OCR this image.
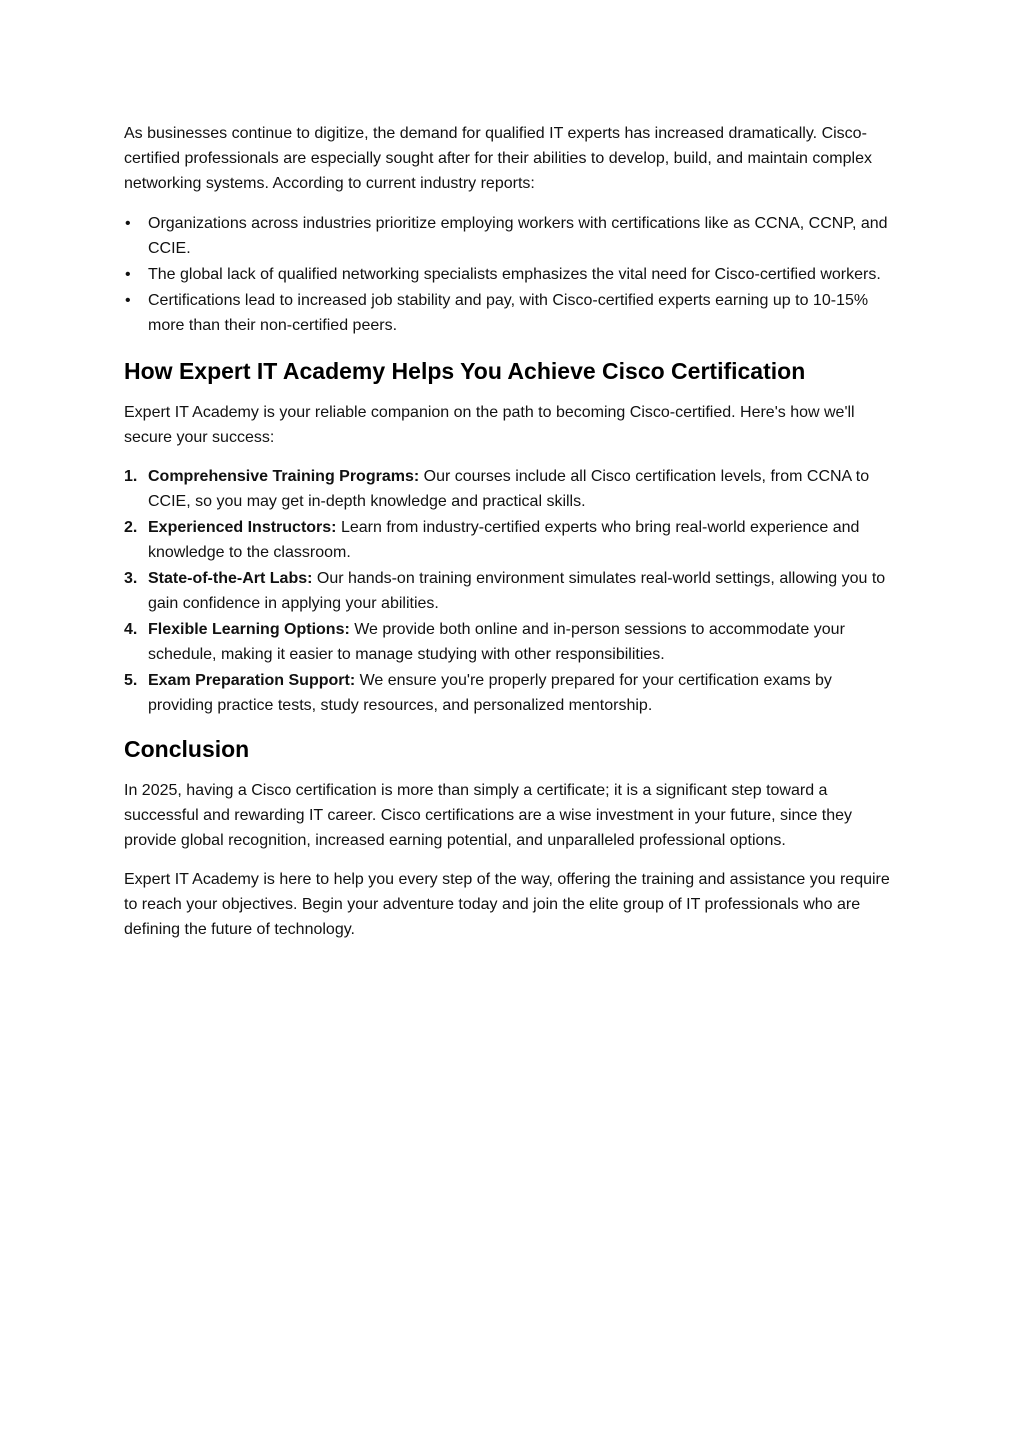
As businesses continue to digitize, the demand for qualified IT experts has increased dramatically. Cisco-certified professionals are especially sought after for their abilities to develop, build, and maintain complex networking systems. According to current industry reports:

• Organizations across industries prioritize employing workers with certifications like as CCNA, CCNP, and CCIE.
• The global lack of qualified networking specialists emphasizes the vital need for Cisco-certified workers.
• Certifications lead to increased job stability and pay, with Cisco-certified experts earning up to 10-15% more than their non-certified peers.
How Expert IT Academy Helps You Achieve Cisco Certification

Expert IT Academy is your reliable companion on the path to becoming Cisco-certified. Here's how we'll secure your success:

1. Comprehensive Training Programs: Our courses include all Cisco certification levels, from CCNA to CCIE, so you may get in-depth knowledge and practical skills.
2. Experienced Instructors: Learn from industry-certified experts who bring real-world experience and knowledge to the classroom.
3. State-of-the-Art Labs: Our hands-on training environment simulates real-world settings, allowing you to gain confidence in applying your abilities.
4. Flexible Learning Options: We provide both online and in-person sessions to accommodate your schedule, making it easier to manage studying with other responsibilities.
5. Exam Preparation Support: We ensure you're properly prepared for your certification exams by providing practice tests, study resources, and personalized mentorship.
Conclusion

In 2025, having a Cisco certification is more than simply a certificate; it is a significant step toward a successful and rewarding IT career. Cisco certifications are a wise investment in your future, since they provide global recognition, increased earning potential, and unparalleled professional options.

Expert IT Academy is here to help you every step of the way, offering the training and assistance you require to reach your objectives. Begin your adventure today and join the elite group of IT professionals who are defining the future of technology.
